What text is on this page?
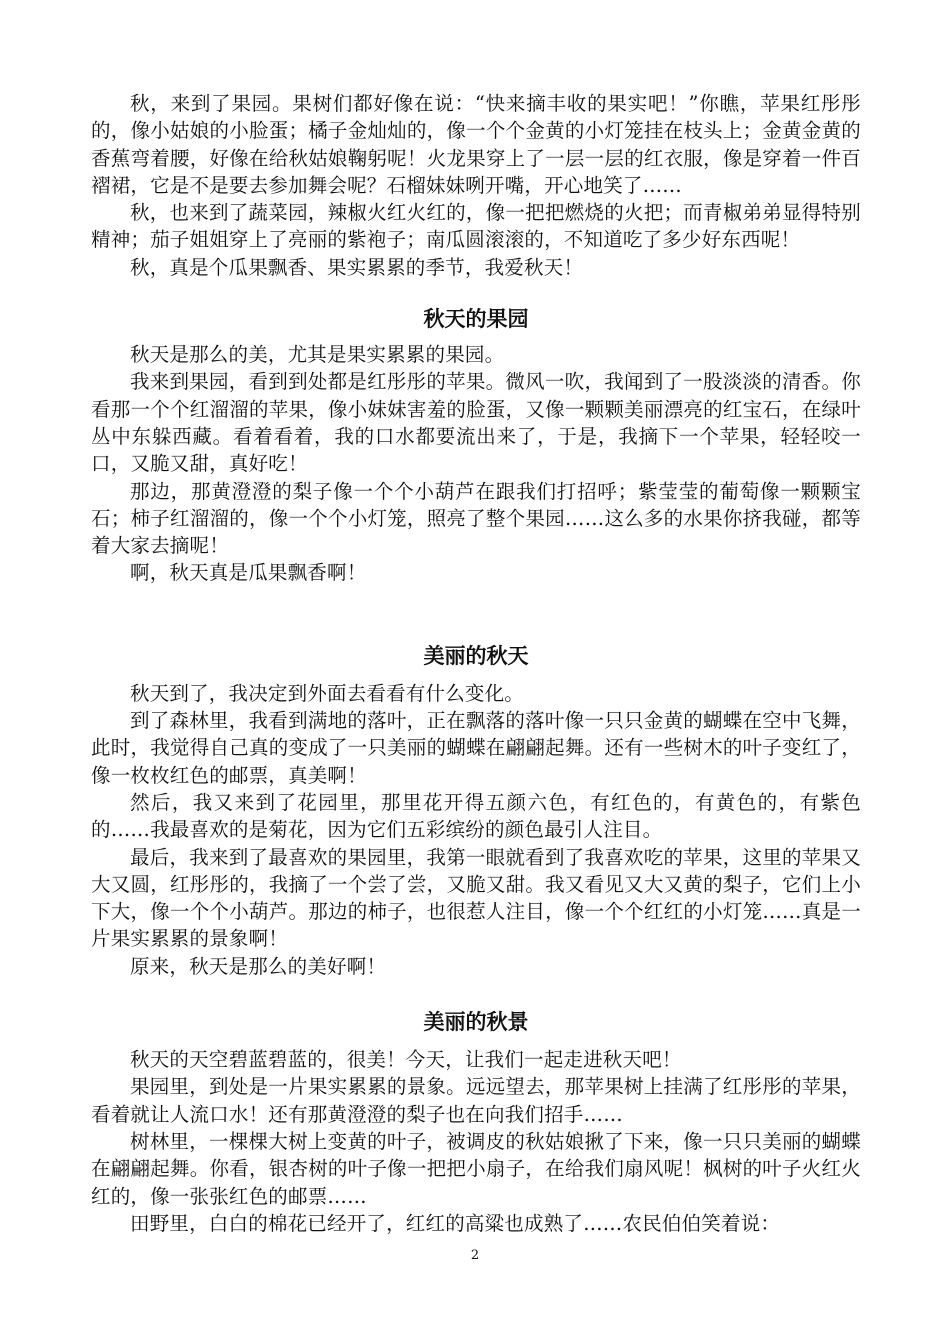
秋，来到了果园。果树们都好像在说：“快来摘丰收的果实吧！”你瞧，苹果红彤彤的，像小姑娘的小脸蛋；橘子金灿灿的，像一个个金黄的小灯笼挂在枝头上；金黄金黄的香蕉弯着腰，好像在给秋姑娘鞠躬呢！火龙果穿上了一层一层的红衣服，像是穿着一件百褶裙，它是不是要去参加舞会呢？石榴妹妹咧开嘴，开心地笑了……

秋，也来到了蔬菜园，辣椒火红火红的，像一把把燃烧的火把；而青椒弟弟显得特别精神；茄子姐姐穿上了亮丽的紫袍子；南瓜圆滚滚的，不知道吃了多少好东西呢！

秋，真是个瓜果飘香、果实累累的季节，我爱秋天！

秋天的果园

秋天是那么的美，尤其是果实累累的果园。

我来到果园，看到到处都是红彤彤的苹果。微风一吹，我闻到了一股淡淡的清香。你看那一个个红溜溜的苹果，像小妹妹害羞的脸蛋，又像一颗颗美丽漂亮的红宝石，在绿叶丛中东躲西藏。看着看着，我的口水都要流出来了，于是，我摘下一个苹果，轻轻咬一口，又脆又甜，真好吃！

那边，那黄澄澄的梨子像一个个小葫芦在跟我们打招呼；紫莹莹的葡萄像一颗颗宝石；柿子红溜溜的，像一个个小灯笼，照亮了整个果园……这么多的水果你挤我碰，都等着大家去摘呢！

啊，秋天真是瓜果飘香啊！

美丽的秋天

秋天到了，我决定到外面去看看有什么变化。

到了森林里，我看到满地的落叶，正在飘落的落叶像一只只金黄的蝴蝶在空中飞舞，此时，我觉得自己真的变成了一只美丽的蝴蝶在翩翩起舞。还有一些树木的叶子变红了，像一枚枚红色的邮票，真美啊！

然后，我又来到了花园里，那里花开得五颜六色，有红色的，有黄色的，有紫色的……我最喜欢的是菊花，因为它们五彩缤纷的颜色最引人注目。

最后，我来到了最喜欢的果园里，我第一眼就看到了我喜欢吃的苹果，这里的苹果又大又圆，红彤彤的，我摘了一个尝了尝，又脆又甜。我又看见又大又黄的梨子，它们上小下大，像一个个小葫芦。那边的柿子，也很惹人注目，像一个个红红的小灯笼……真是一片果实累累的景象啊！

原来，秋天是那么的美好啊！

美丽的秋景

秋天的天空碧蓝碧蓝的，很美！今天，让我们一起走进秋天吧！

果园里，到处是一片果实累累的景象。远远望去，那苹果树上挂满了红彤彤的苹果，看着就让人流口水！还有那黄澄澄的梨子也在向我们招手……

树林里，一棵棵大树上变黄的叶子，被调皮的秋姑娘揪了下来，像一只只美丽的蝴蝶在翩翩起舞。你看，银杏树的叶子像一把把小扇子，在给我们扇风呢！枫树的叶子火红火红的，像一张张红色的邮票……

田野里，白白的棉花已经开了，红红的高粱也成熟了……农民伯伯笑着说：

2
